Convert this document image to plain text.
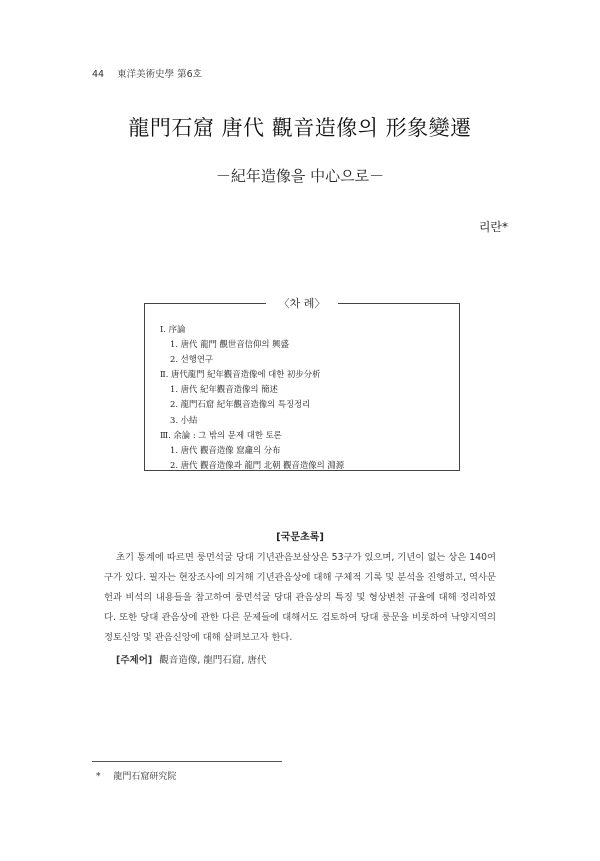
44 東洋美術史學 第6호
龍門石窟 唐代 觀音造像의 形象變遷
－紀年造像을 中心으로－
리란*
〈차 례〉
Ⅰ. 序論
1. 唐代 龍門 觀世音信仰의 興盛
2. 선행연구
Ⅱ. 唐代龍門 紀年觀音造像에 대한 初步分析
1. 唐代 紀年觀音造像의 簡述
2. 龍門石窟 紀年觀音造像의 특징정리
3. 小結
Ⅲ. 余論 : 그 밖의 문제 대한 토론
1. 唐代 觀音造像 窟龕의 分布
2. 唐代 觀音造像과 龍門 北朝 觀音造像의 淵源
[국문초록]

초기 통계에 따르면 룽먼석굴 당대 기년관음보살상은 53구가 있으며, 기년이 없는 상은 140여구가 있다. 필자는 현장조사에 의거해 기년관음상에 대해 구체적 기록 및 분석을 진행하고, 역사문헌과 비석의 내용들을 참고하여 룽먼석굴 당대 관음상의 특징 및 형상변천 규율에 대해 정리하였다. 또한 당대 관음상에 관한 다른 문제들에 대해서도 검토하여 당대 룽문을 비롯하여 낙양지역의 정토신앙 및 관음신앙에 대해 살펴보고자 한다.

[주제어] 觀音造像, 龍門石窟, 唐代
* 龍門石窟研究院
